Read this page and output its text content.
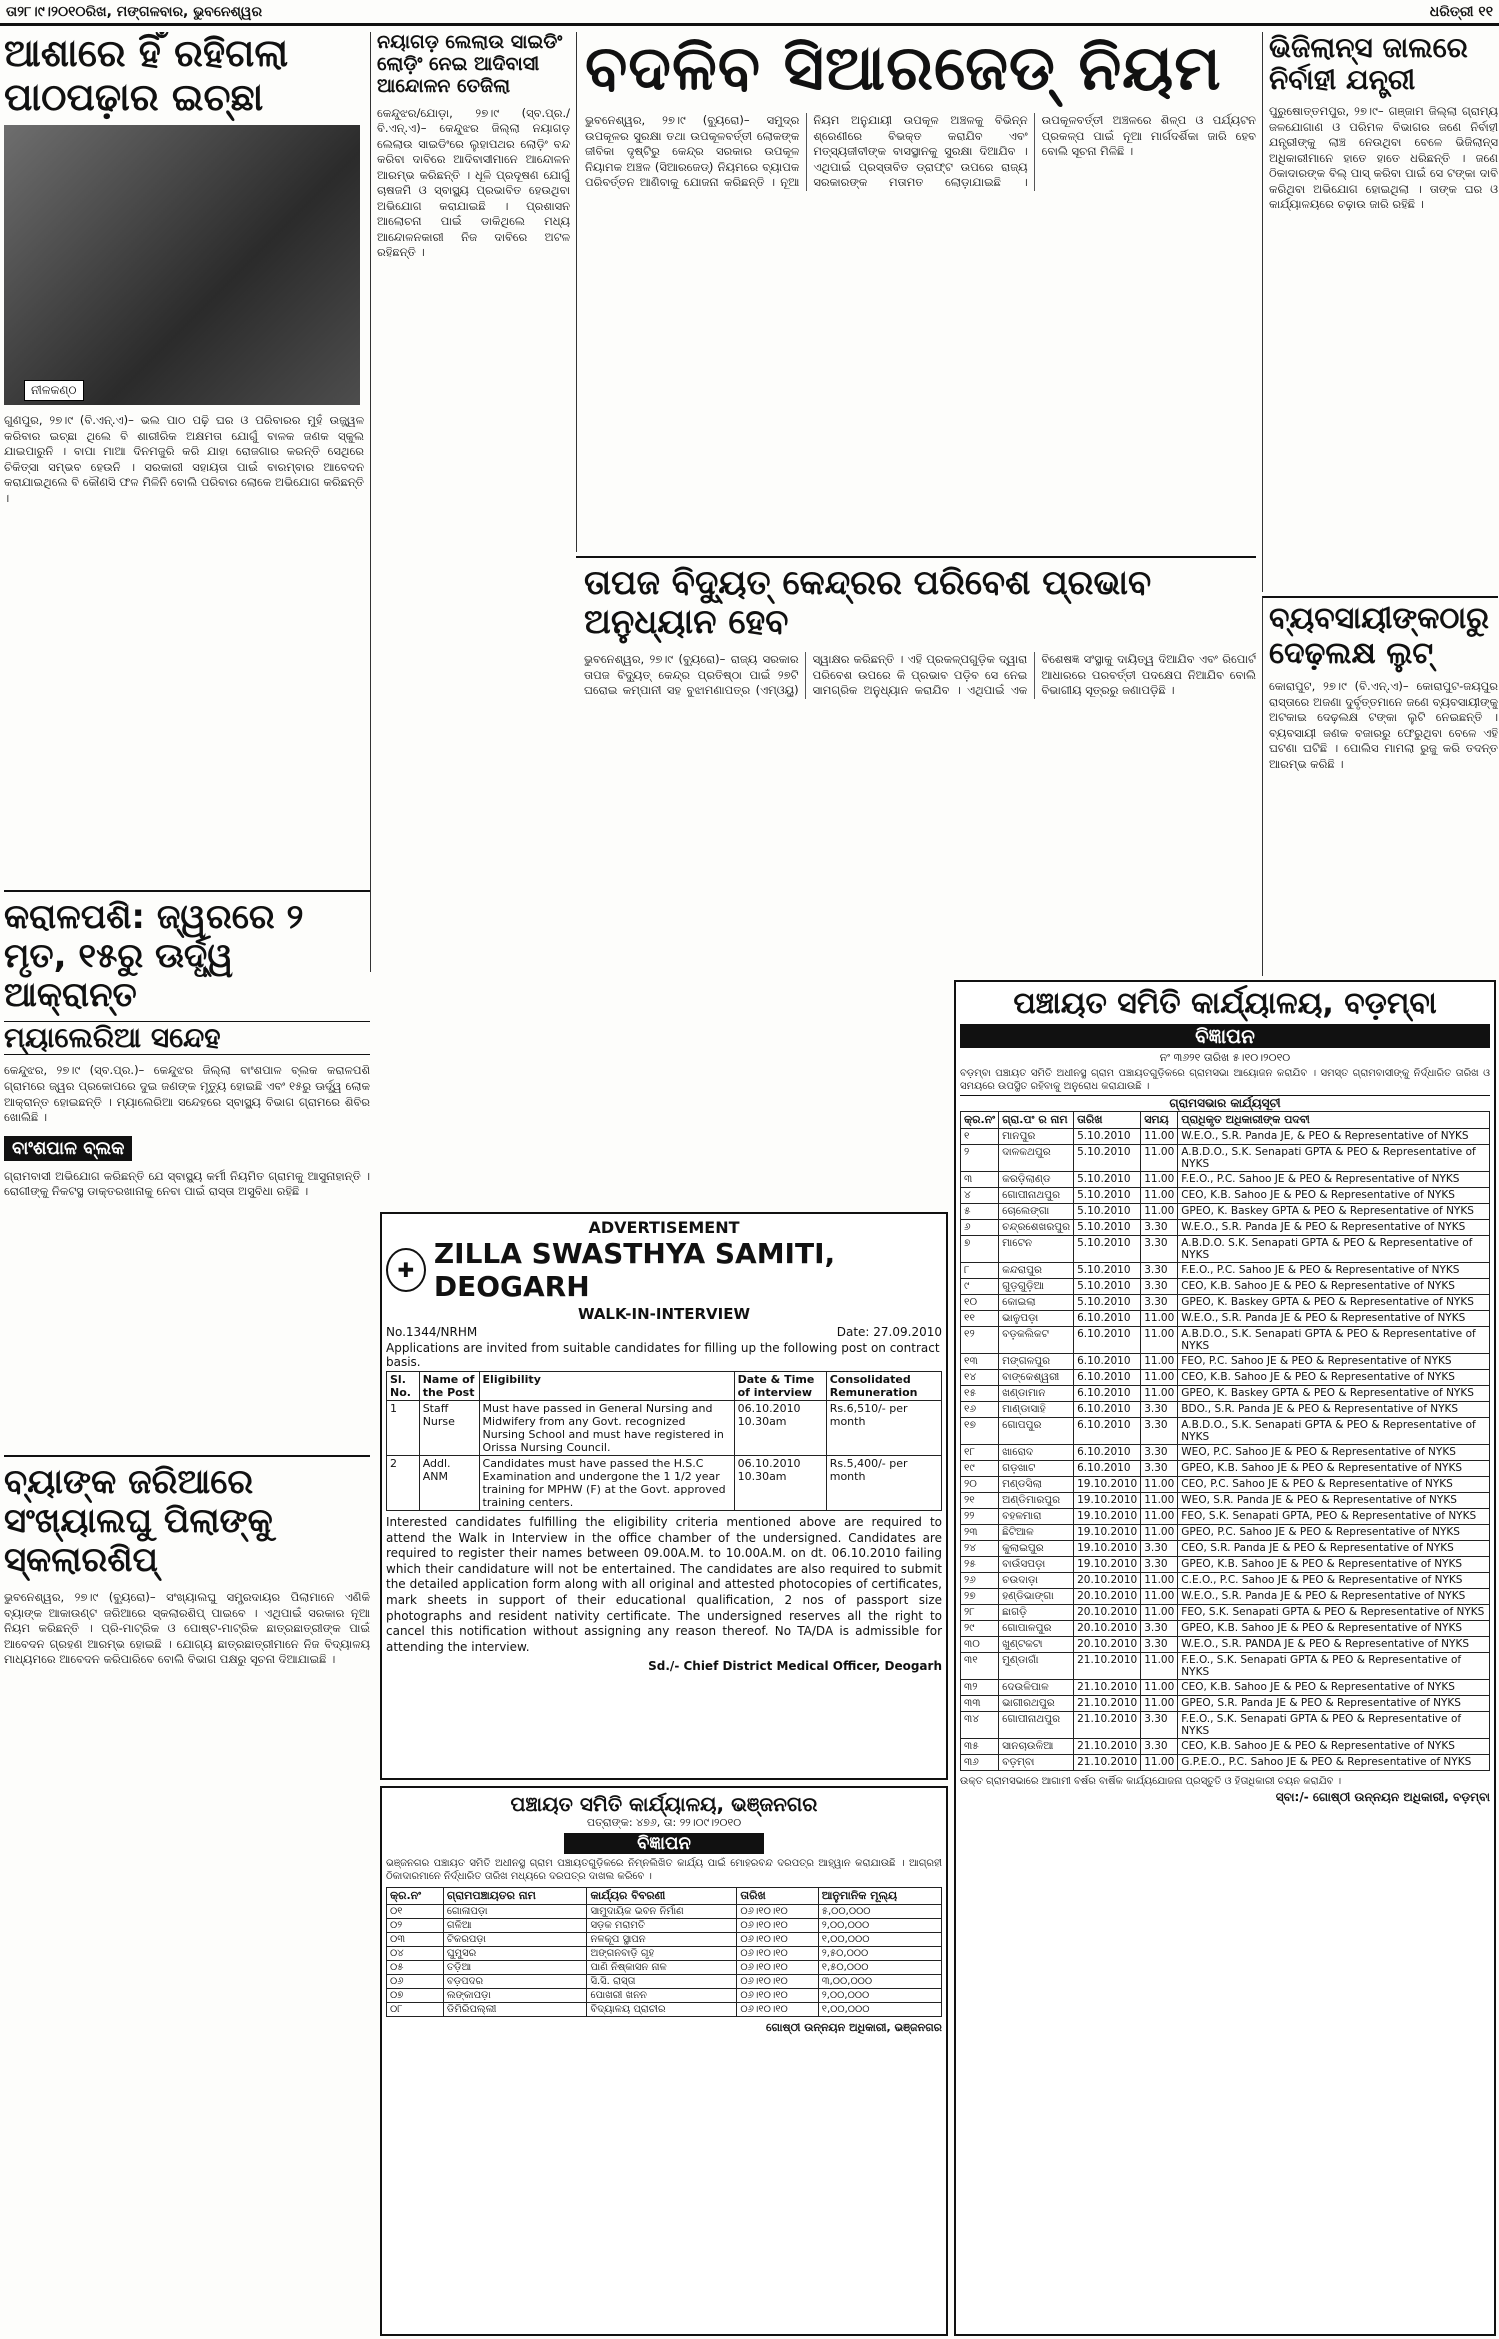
ତା୨୮।୯।୨୦୧୦ରିଖ, ମଙ୍ଗଳବାର, ଭୁବନେଶ୍ୱର	ଧରିତ୍ରୀ ୧୧
ଆଶାରେ ହିଁ ରହିଗଲା ପାଠପଢ଼ାର ଇଚ୍ଛା
ନୀଳକଣ୍ଠ
ଗୁଣପୁର, ୨୭।୯ (ବି.ଏନ୍.ଏ)– ଭଲ ପାଠ ପଢ଼ି ଘର ଓ ପରିବାରର ମୁହଁ ଉଜ୍ଜ୍ୱଳ କରିବାର ଇଚ୍ଛା ଥିଲେ ବି ଶାରୀରିକ ଅକ୍ଷମତା ଯୋଗୁଁ ବାଳକ ଜଣକ ସ୍କୁଲ ଯାଇପାରୁନି । ବାପା ମାଆ ଦିନମଜୁରି କରି ଯାହା ରୋଜଗାର କରନ୍ତି ସେଥିରେ ଚିକିତ୍ସା ସମ୍ଭବ ହେଉନି । ସରକାରୀ ସହାୟତା ପାଇଁ ବାରମ୍ବାର ଆବେଦନ କରାଯାଇଥିଲେ ବି କୌଣସି ଫଳ ମିଳିନି ବୋଲି ପରିବାର ଲୋକେ ଅଭିଯୋଗ କରିଛନ୍ତି ।
ନୟାଗଡ଼ ଲେଲାଉ ସାଇଡିଂ ଲୋଡ଼ିଂ ନେଇ ଆଦିବାସୀ ଆନ୍ଦୋଳନ ତେଜିଲା
କେନ୍ଦୁଝର/ଯୋଡ଼ା, ୨୭।୯ (ସ୍ବ.ପ୍ର./ବି.ଏନ୍.ଏ)– କେନ୍ଦୁଝର ଜିଲ୍ଲା ନୟାଗଡ଼ ଲେଲାଉ ସାଇଡିଂରେ ଲୁହାପଥର ଲୋଡ଼ିଂ ବନ୍ଦ କରିବା ଦାବିରେ ଆଦିବାସୀମାନେ ଆନ୍ଦୋଳନ ଆରମ୍ଭ କରିଛନ୍ତି । ଧୂଳି ପ୍ରଦୂଷଣ ଯୋଗୁଁ ଚାଷଜମି ଓ ସ୍ବାସ୍ଥ୍ୟ ପ୍ରଭାବିତ ହେଉଥିବା ଅଭିଯୋଗ କରାଯାଇଛି । ପ୍ରଶାସନ ଆଲୋଚନା ପାଇଁ ଡାକିଥିଲେ ମଧ୍ୟ ଆନ୍ଦୋଳନକାରୀ ନିଜ ଦାବିରେ ଅଟଳ ରହିଛନ୍ତି ।
ବଦଳିବ ସିଆରଜେଡ୍ ନିୟମ
ଭୁବନେଶ୍ୱର, ୨୭।୯ (ବ୍ୟୁରୋ)– ସମୁଦ୍ର ଉପକୂଳର ସୁରକ୍ଷା ତଥା ଉପକୂଳବର୍ତ୍ତୀ ଲୋକଙ୍କ ଜୀବିକା ଦୃଷ୍ଟିରୁ କେନ୍ଦ୍ର ସରକାର ଉପକୂଳ ନିୟାମକ ଅଞ୍ଚଳ (ସିଆରଜେଡ୍) ନିୟମରେ ବ୍ୟାପକ ପରିବର୍ତ୍ତନ ଆଣିବାକୁ ଯୋଜନା କରିଛନ୍ତି । ନୂଆ ନିୟମ ଅନୁଯାୟୀ ଉପକୂଳ ଅଞ୍ଚଳକୁ ବିଭିନ୍ନ ଶ୍ରେଣୀରେ ବିଭକ୍ତ କରାଯିବ ଏବଂ ମତ୍ସ୍ୟଜୀବୀଙ୍କ ବାସସ୍ଥାନକୁ ସୁରକ୍ଷା ଦିଆଯିବ । ଏଥିପାଇଁ ପ୍ରସ୍ତାବିତ ଡ୍ରାଫ୍ଟ ଉପରେ ରାଜ୍ୟ ସରକାରଙ୍କ ମତାମତ ଲୋଡ଼ାଯାଇଛି । ଉପକୂଳବର୍ତ୍ତୀ ଅଞ୍ଚଳରେ ଶିଳ୍ପ ଓ ପର୍ଯ୍ୟଟନ ପ୍ରକଳ୍ପ ପାଇଁ ନୂଆ ମାର୍ଗଦର୍ଶିକା ଜାରି ହେବ ବୋଲି ସୂଚନା ମିଳିଛି ।
ତାପଜ ବିଦ୍ୟୁତ୍ କେନ୍ଦ୍ରର ପରିବେଶ ପ୍ରଭାବ ଅନୁଧ୍ୟାନ ହେବ
ଭୁବନେଶ୍ୱର, ୨୭।୯ (ବ୍ୟୁରୋ)– ରାଜ୍ୟ ସରକାର ତାପଜ ବିଦ୍ୟୁତ୍ କେନ୍ଦ୍ର ପ୍ରତିଷ୍ଠା ପାଇଁ ୨୭ଟି ଘରୋଇ କମ୍ପାନୀ ସହ ବୁଝାମଣାପତ୍ର (ଏମ୍ଓୟୁ) ସ୍ୱାକ୍ଷର କରିଛନ୍ତି । ଏହି ପ୍ରକଳ୍ପଗୁଡ଼ିକ ଦ୍ୱାରା ପରିବେଶ ଉପରେ କି ପ୍ରଭାବ ପଡ଼ିବ ସେ ନେଇ ସାମଗ୍ରିକ ଅନୁଧ୍ୟାନ କରାଯିବ । ଏଥିପାଇଁ ଏକ ବିଶେଷଜ୍ଞ ସଂସ୍ଥାକୁ ଦାୟିତ୍ୱ ଦିଆଯିବ ଏବଂ ରିପୋର୍ଟ ଆଧାରରେ ପରବର୍ତ୍ତୀ ପଦକ୍ଷେପ ନିଆଯିବ ବୋଲି ବିଭାଗୀୟ ସୂତ୍ରରୁ ଜଣାପଡ଼ିଛି ।
ଭିଜିଲାନ୍ସ ଜାଲରେ ନିର୍ବାହୀ ଯନ୍ତ୍ରୀ
ପୁରୁଷୋତ୍ତମପୁର, ୨୭।୯– ଗଞ୍ଜାମ ଜିଲ୍ଲା ଗ୍ରାମ୍ୟ ଜଳଯୋଗାଣ ଓ ପରିମଳ ବିଭାଗର ଜଣେ ନିର୍ବାହୀ ଯନ୍ତ୍ରୀଙ୍କୁ ଲାଞ୍ଚ ନେଉଥିବା ବେଳେ ଭିଜିଲାନ୍ସ ଅଧିକାରୀମାନେ ହାତେ ହାତେ ଧରିଛନ୍ତି । ଜଣେ ଠିକାଦାରଙ୍କ ବିଲ୍ ପାସ୍ କରିବା ପାଇଁ ସେ ଟଙ୍କା ଦାବି କରିଥିବା ଅଭିଯୋଗ ହୋଇଥିଲା । ତାଙ୍କ ଘର ଓ କାର୍ଯ୍ୟାଳୟରେ ଚଢ଼ାଉ ଜାରି ରହିଛି ।
ବ୍ୟବସାୟୀଙ୍କଠାରୁ ଦେଢ଼ଲକ୍ଷ ଲୁଟ୍
କୋରାପୁଟ, ୨୭।୯ (ବି.ଏନ୍.ଏ)– କୋରାପୁଟ-ଜୟପୁର ରାସ୍ତାରେ ଅଜଣା ଦୁର୍ବୃତ୍ତମାନେ ଜଣେ ବ୍ୟବସାୟୀଙ୍କୁ ଅଟକାଇ ଦେଢ଼ଲକ୍ଷ ଟଙ୍କା ଲୁଟି ନେଇଛନ୍ତି । ବ୍ୟବସାୟୀ ଜଣକ ବଜାରରୁ ଫେରୁଥିବା ବେଳେ ଏହି ଘଟଣା ଘଟିଛି । ପୋଲିସ ମାମଲା ରୁଜୁ କରି ତଦନ୍ତ ଆରମ୍ଭ କରିଛି ।
କରାଳପଶି: ଜ୍ୱରରେ ୨ ମୃତ, ୧୫ରୁ ଊର୍ଦ୍ଧ୍ୱ ଆକ୍ରାନ୍ତ
ମ୍ୟାଲେରିଆ ସନ୍ଦେହ
କେନ୍ଦୁଝର, ୨୭।୯ (ସ୍ବ.ପ୍ର.)– କେନ୍ଦୁଝର ଜିଲ୍ଲା ବାଂଶପାଳ ବ୍ଲକ କରାଳପଶି ଗ୍ରାମରେ ଜ୍ୱର ପ୍ରକୋପରେ ଦୁଇ ଜଣଙ୍କ ମୃତ୍ୟୁ ହୋଇଛି ଏବଂ ୧୫ରୁ ଊର୍ଦ୍ଧ୍ୱ ଲୋକ ଆକ୍ରାନ୍ତ ହୋଇଛନ୍ତି । ମ୍ୟାଲେରିଆ ସନ୍ଦେହରେ ସ୍ବାସ୍ଥ୍ୟ ବିଭାଗ ଗ୍ରାମରେ ଶିବିର ଖୋଲିଛି ।
ବାଂଶପାଳ ବ୍ଲକ
ଗ୍ରାମବାସୀ ଅଭିଯୋଗ କରିଛନ୍ତି ଯେ ସ୍ବାସ୍ଥ୍ୟ କର୍ମୀ ନିୟମିତ ଗ୍ରାମକୁ ଆସୁନାହାନ୍ତି । ରୋଗୀଙ୍କୁ ନିକଟସ୍ଥ ଡାକ୍ତରଖାନାକୁ ନେବା ପାଇଁ ରାସ୍ତା ଅସୁବିଧା ରହିଛି ।
ବ୍ୟାଙ୍କ ଜରିଆରେ ସଂଖ୍ୟାଲଘୁ ପିଲାଙ୍କୁ ସ୍କଲାରଶିପ୍
ଭୁବନେଶ୍ୱର, ୨୭।୯ (ବ୍ୟୁରୋ)– ସଂଖ୍ୟାଲଘୁ ସମ୍ପ୍ରଦାୟର ପିଲାମାନେ ଏଣିକି ବ୍ୟାଙ୍କ ଆକାଉଣ୍ଟ ଜରିଆରେ ସ୍କଲାରଶିପ୍ ପାଇବେ । ଏଥିପାଇଁ ସରକାର ନୂଆ ନିୟମ କରିଛନ୍ତି । ପ୍ରି-ମାଟ୍ରିକ ଓ ପୋଷ୍ଟ-ମାଟ୍ରିକ ଛାତ୍ରଛାତ୍ରୀଙ୍କ ପାଇଁ ଆବେଦନ ଗ୍ରହଣ ଆରମ୍ଭ ହୋଇଛି । ଯୋଗ୍ୟ ଛାତ୍ରଛାତ୍ରୀମାନେ ନିଜ ବିଦ୍ୟାଳୟ ମାଧ୍ୟମରେ ଆବେଦନ କରିପାରିବେ ବୋଲି ବିଭାଗ ପକ୍ଷରୁ ସୂଚନା ଦିଆଯାଇଛି ।
ADVERTISEMENT
✚ ZILLA SWASTHYA SAMITI, DEOGARH
WALK-IN-INTERVIEW
No.1344/NRHM	Date: 27.09.2010
Applications are invited from suitable candidates for filling up the following post on contract basis.
Sl. No.	Name of the Post	Eligibility	Date & Time of interview	Consolidated Remuneration
1	Staff Nurse	Must have passed in General Nursing and Midwifery from any Govt. recognized Nursing School and must have registered in Orissa Nursing Council.	06.10.2010 10.30am	Rs.6,510/- per month
2	Addl. ANM	Candidates must have passed the H.S.C Examination and undergone the 1 1/2 year training for MPHW (F) at the Govt. approved training centers.	06.10.2010 10.30am	Rs.5,400/- per month
Interested candidates fulfilling the eligibility criteria mentioned above are required to attend the Walk in Interview in the office chamber of the undersigned. Candidates are required to register their names between 09.00A.M. to 10.00A.M. on dt. 06.10.2010 failing which their candidature will not be entertained. The candidates are also required to submit the detailed application form along with all original and attested photocopies of certificates, mark sheets in support of their educational qualification, 2 nos of passport size photographs and resident nativity certificate. The undersigned reserves all the right to cancel this notification without assigning any reason thereof. No TA/DA is admissible for attending the interview.
Sd./- Chief District Medical Officer, Deogarh
ପଞ୍ଚାୟତ ସମିତି କାର୍ଯ୍ୟାଳୟ, ଭଞ୍ଜନଗର
ପତ୍ରାଙ୍କ: ୪୭୬, ତା: ୨୨।୦୯।୨୦୧୦
ବିଜ୍ଞାପନ
ଭଞ୍ଜନଗର ପଞ୍ଚାୟତ ସମିତି ଅଧୀନସ୍ଥ ଗ୍ରାମ ପଞ୍ଚାୟତଗୁଡ଼ିକରେ ନିମ୍ନଲିଖିତ କାର୍ଯ୍ୟ ପାଇଁ ମୋହରବନ୍ଦ ଦରପତ୍ର ଆହ୍ୱାନ କରାଯାଉଛି । ଆଗ୍ରହୀ ଠିକାଦାରମାନେ ନିର୍ଦ୍ଧାରିତ ତାରିଖ ମଧ୍ୟରେ ଦରପତ୍ର ଦାଖଲ କରିବେ ।
କ୍ର.ନଂ	ଗ୍ରାମପଞ୍ଚାୟତର ନାମ	କାର୍ଯ୍ୟର ବିବରଣୀ	ତାରିଖ	ଆନୁମାନିକ ମୂଲ୍ୟ
୦୧	ଗୋଳାପଡ଼ା	ସାମୁଦାୟିକ ଭବନ ନିର୍ମାଣ	୦୬।୧୦।୧୦	୫,୦୦,୦୦୦
୦୨	ଗଳିଆ	ସଡ଼କ ମରାମତି	୦୬।୧୦।୧୦	୨,୦୦,୦୦୦
୦୩	ଟିକରପଡ଼ା	ନଳକୂପ ସ୍ଥାପନ	୦୬।୧୦।୧୦	୧,୦୦,୦୦୦
୦୪	ଘୁମୁସର	ଅଙ୍ଗନବାଡ଼ି ଗୃହ	୦୬।୧୦।୧୦	୨,୫୦,୦୦୦
୦୫	ତଡ଼ିଆ	ପାଣି ନିଷ୍କାସନ ନାଳ	୦୬।୧୦।୧୦	୧,୫୦,୦୦୦
୦୬	ବଡ଼ପଦର	ସି.ସି. ରାସ୍ତା	୦୬।୧୦।୧୦	୩,୦୦,୦୦୦
୦୭	ଲଙ୍କାପଡ଼ା	ପୋଖରୀ ଖନନ	୦୬।୧୦।୧୦	୨,୦୦,୦୦୦
୦୮	ଡିମିରିପଲ୍ଲୀ	ବିଦ୍ୟାଳୟ ପ୍ରାଚୀର	୦୬।୧୦।୧୦	୧,୦୦,୦୦୦
ଗୋଷ୍ଠୀ ଉନ୍ନୟନ ଅଧିକାରୀ, ଭଞ୍ଜନଗର
ପଞ୍ଚାୟତ ସମିତି କାର୍ଯ୍ୟାଳୟ, ବଡ଼ମ୍ବା
ବିଜ୍ଞାପନ
ନଂ ୩୬୨୧ ତାରିଖ ୫।୧୦।୨୦୧୦
ବଡ଼ମ୍ବା ପଞ୍ଚାୟତ ସମିତି ଅଧୀନସ୍ଥ ଗ୍ରାମ ପଞ୍ଚାୟତଗୁଡ଼ିକରେ ଗ୍ରାମସଭା ଆୟୋଜନ କରାଯିବ । ସମସ୍ତ ଗ୍ରାମବାସୀଙ୍କୁ ନିର୍ଦ୍ଧାରିତ ତାରିଖ ଓ ସମୟରେ ଉପସ୍ଥିତ ରହିବାକୁ ଅନୁରୋଧ କରାଯାଉଛି ।
ଗ୍ରାମସଭାର କାର୍ଯ୍ୟସୂଚୀ
କ୍ର.ନଂ	ଗ୍ରା.ପଂ ର ନାମ	ତାରିଖ	ସମୟ	ପ୍ରାଧିକୃତ ଅଧିକାରୀଙ୍କ ପଦବୀ
୧	ମାନପୁର	5.10.2010	11.00	W.E.O., S.R. Panda JE, & PEO & Representative of NYKS
୨	ଦାଳକଥପୁର	5.10.2010	11.00	A.B.D.O., S.K. Senapati GPTA & PEO & Representative of NYKS
୩	କରଡ଼ିଲାଣ୍ଡ	5.10.2010	11.00	F.E.O., P.C. Sahoo JE & PEO & Representative of NYKS
୪	ଗୋପୀନାଥପୁର	5.10.2010	11.00	CEO, K.B. Sahoo JE & PEO & Representative of NYKS
୫	ଚୋଲେଙ୍ଗା	5.10.2010	11.00	GPEO, K. Baskey GPTA & PEO & Representative of NYKS
୬	ଚନ୍ଦ୍ରଶେଖରପୁର	5.10.2010	3.30	W.E.O., S.R. Panda JE & PEO & Representative of NYKS
୭	ମାଟେନ	5.10.2010	3.30	A.B.D.O. S.K. Senapati GPTA & PEO & Representative of NYKS
୮	କନ୍ଦରାପୁର	5.10.2010	3.30	F.E.O., P.C. Sahoo JE & PEO & Representative of NYKS
୯	ଗୁଡ଼ଗୁଡ଼ିଆ	5.10.2010	3.30	CEO, K.B. Sahoo JE & PEO & Representative of NYKS
୧୦	କୋଇଲା	5.10.2010	3.30	GPEO, K. Baskey GPTA & PEO & Representative of NYKS
୧୧	ଭାଳୁପଡ଼ା	6.10.2010	11.00	W.E.O., S.R. Panda JE & PEO & Representative of NYKS
୧୨	ବଡ଼କଲିକଟ	6.10.2010	11.00	A.B.D.O., S.K. Senapati GPTA & PEO & Representative of NYKS
୧୩	ମଙ୍ଗଳପୁର	6.10.2010	11.00	FEO, P.C. Sahoo JE & PEO & Representative of NYKS
୧୪	ବାଙ୍କେଶ୍ୱରୀ	6.10.2010	11.00	CEO, K.B. Sahoo JE & PEO & Representative of NYKS
୧୫	ଖଣ୍ଡାମାନ	6.10.2010	11.00	GPEO, K. Baskey GPTA & PEO & Representative of NYKS
୧୬	ମାଣ୍ଡାସାହି	6.10.2010	3.30	BDO., S.R. Panda JE & PEO & Representative of NYKS
୧୭	ଗୋପପୁର	6.10.2010	3.30	A.B.D.O., S.K. Senapati GPTA & PEO & Representative of NYKS
୧୮	ଖାରୋଦ	6.10.2010	3.30	WEO, P.C. Sahoo JE & PEO & Representative of NYKS
୧୯	ଗଡ଼ଖାଟ	6.10.2010	3.30	GPEO, K.B. Sahoo JE & PEO & Representative of NYKS
୨୦	ମଣ୍ଡସିଲା	19.10.2010	11.00	CEO, P.C. Sahoo JE & PEO & Representative of NYKS
୨୧	ଅଣ୍ଡିମାରପୁର	19.10.2010	11.00	WEO, S.R. Panda JE & PEO & Representative of NYKS
୨୨	ବହଳମାରା	19.10.2010	11.00	FEO, S.K. Senapati GPTA, PEO & Representative of NYKS
୨୩	ଛିଟିଆଳ	19.10.2010	11.00	GPEO, P.C. Sahoo JE & PEO & Representative of NYKS
୨୪	କୁଲାଇପୁର	19.10.2010	3.30	CEO, S.R. Panda JE & PEO & Representative of NYKS
୨୫	ବାଉଁସପଡ଼ା	19.10.2010	3.30	GPEO, K.B. Sahoo JE & PEO & Representative of NYKS
୨୬	ଚଉଦାଡ଼ା	20.10.2010	11.00	C.E.O., P.C. Sahoo JE & PEO & Representative of NYKS
୨୭	ହଣ୍ଡିଭାଙ୍ଗା	20.10.2010	11.00	W.E.O., S.R. Panda JE & PEO & Representative of NYKS
୨୮	ଛାଗଡ଼ି	20.10.2010	11.00	FEO, S.K. Senapati GPTA & PEO & Representative of NYKS
୨୯	ଗୋପାଳପୁର	20.10.2010	3.30	GPEO, K.B. Sahoo JE & PEO & Representative of NYKS
୩୦	ଖୁଣ୍ଟକଟା	20.10.2010	3.30	W.E.O., S.R. PANDA JE & PEO & Representative of NYKS
୩୧	ମୁଣ୍ଡାଗାଁ	21.10.2010	11.00	F.E.O., S.K. Senapati GPTA & PEO & Representative of NYKS
୩୨	ଦେଉଳିପାଳ	21.10.2010	11.00	CEO, K.B. Sahoo JE & PEO & Representative of NYKS
୩୩	ଭାଗୀରଥପୁର	21.10.2010	11.00	GPEO, S.R. Panda JE & PEO & Representative of NYKS
୩୪	ଗୋପୀନାଥପୁର	21.10.2010	3.30	F.E.O., S.K. Senapati GPTA & PEO & Representative of NYKS
୩୫	ସାନଚାଉଳିଆ	21.10.2010	3.30	CEO, K.B. Sahoo JE & PEO & Representative of NYKS
୩୬	ବଡ଼ମ୍ବା	21.10.2010	11.00	G.P.E.O., P.C. Sahoo JE & PEO & Representative of NYKS
ଉକ୍ତ ଗ୍ରାମସଭାରେ ଆଗାମୀ ବର୍ଷର ବାର୍ଷିକ କାର୍ଯ୍ୟଯୋଜନା ପ୍ରସ୍ତୁତି ଓ ହିତାଧିକାରୀ ଚୟନ କରାଯିବ ।
ସ୍ବା:/- ଗୋଷ୍ଠୀ ଉନ୍ନୟନ ଅଧିକାରୀ, ବଡ଼ମ୍ବା
